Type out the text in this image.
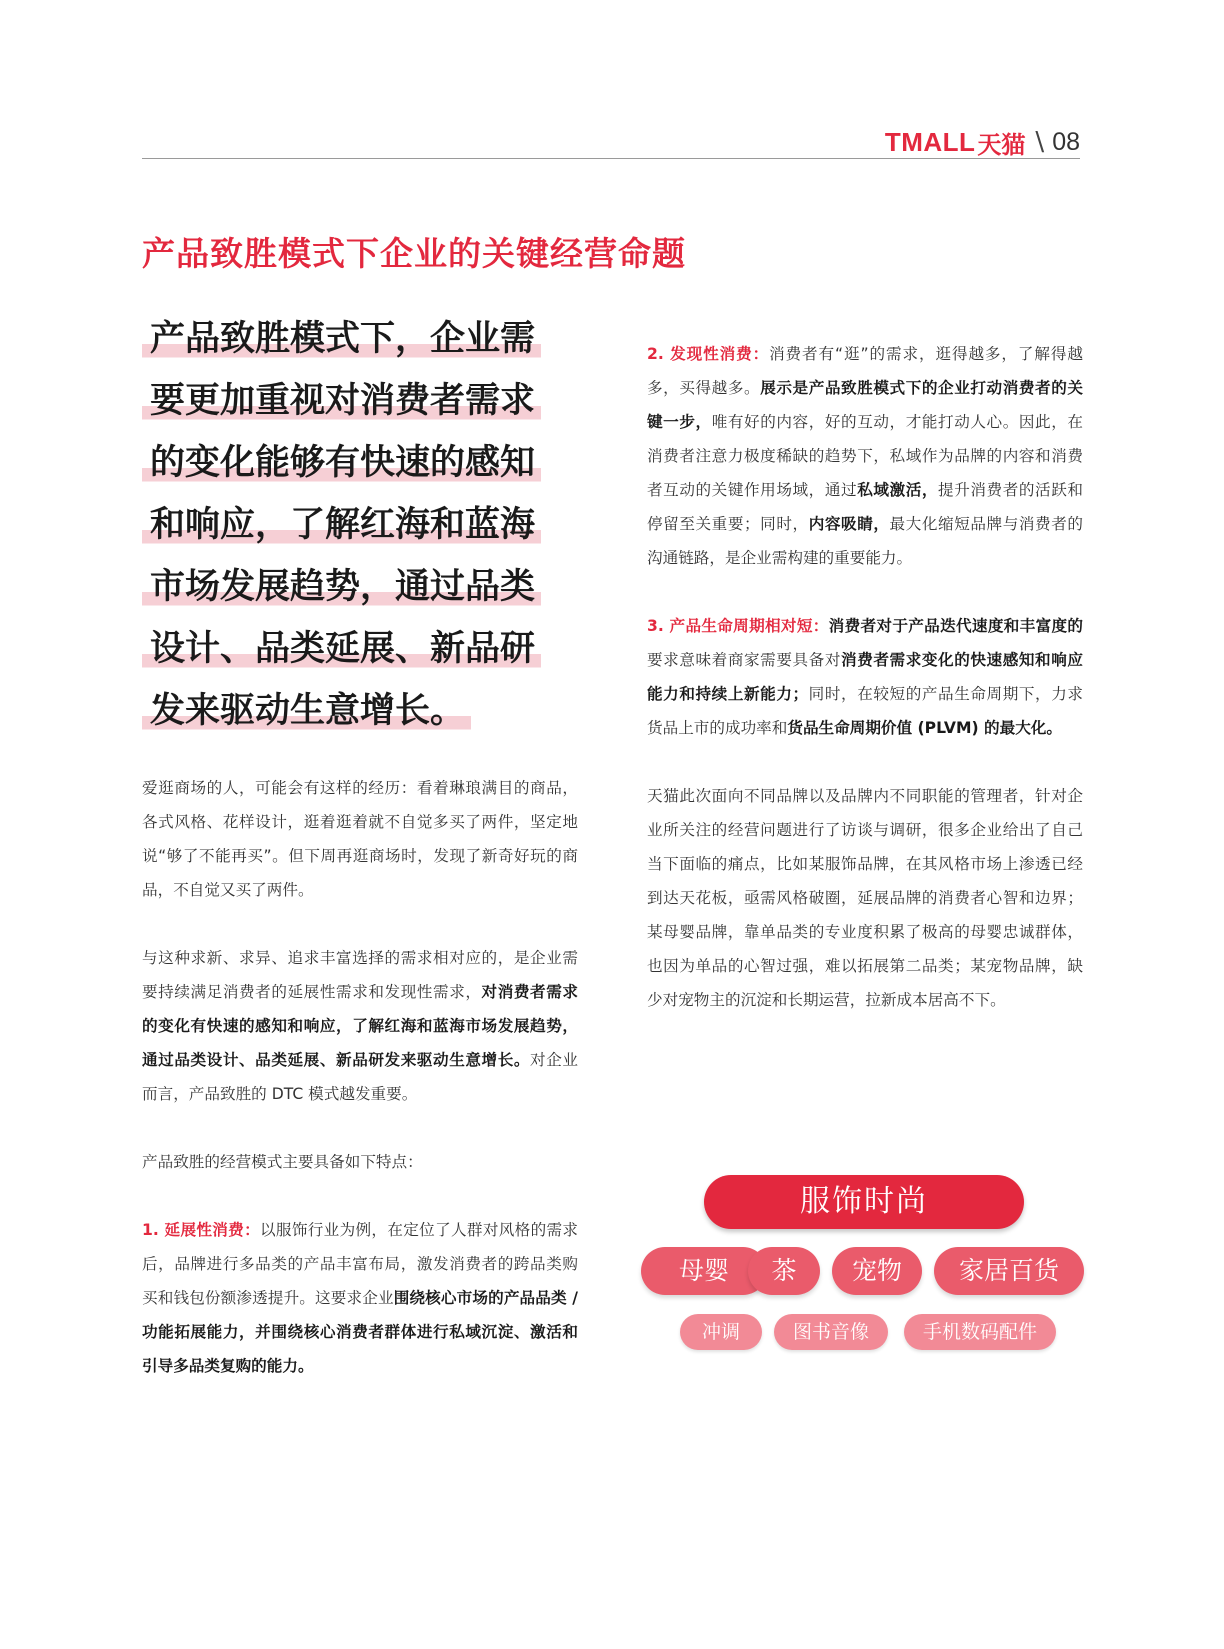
TMALL 天猫 \ 08
产品致胜模式下企业的关键经营命题

产品致胜模式下，企业需
要更加重视对消费者需求
的变化能够有快速的感知
和响应，了解红海和蓝海
市场发展趋势，通过品类
设计、品类延展、新品研
发来驱动生意增长。

爱逛商场的人，可能会有这样的经历：看着琳琅满目的商品，各式风格、花样设计，逛着逛着就不自觉多买了两件，坚定地说“够了不能再买”。但下周再逛商场时，发现了新奇好玩的商品，不自觉又买了两件。

与这种求新、求异、追求丰富选择的需求相对应的，是企业需要持续满足消费者的延展性需求和发现性需求，对消费者需求的变化有快速的感知和响应，了解红海和蓝海市场发展趋势，通过品类设计、品类延展、新品研发来驱动生意增长。对企业而言，产品致胜的 DTC 模式越发重要。

产品致胜的经营模式主要具备如下特点：

1. 延展性消费：以服饰行业为例，在定位了人群对风格的需求后，品牌进行多品类的产品丰富布局，激发消费者的跨品类购买和钱包份额渗透提升。这要求企业围绕核心市场的产品品类 / 功能拓展能力，并围绕核心消费者群体进行私域沉淀、激活和引导多品类复购的能力。

2. 发现性消费：消费者有“逛”的需求，逛得越多，了解得越多，买得越多。展示是产品致胜模式下的企业打动消费者的关键一步，唯有好的内容，好的互动，才能打动人心。因此，在消费者注意力极度稀缺的趋势下，私域作为品牌的内容和消费者互动的关键作用场域，通过私域激活，提升消费者的活跃和停留至关重要；同时，内容吸睛，最大化缩短品牌与消费者的沟通链路，是企业需构建的重要能力。

3. 产品生命周期相对短：消费者对于产品迭代速度和丰富度的要求意味着商家需要具备对消费者需求变化的快速感知和响应能力和持续上新能力；同时，在较短的产品生命周期下，力求货品上市的成功率和货品生命周期价值 (PLVM) 的最大化。

天猫此次面向不同品牌以及品牌内不同职能的管理者，针对企业所关注的经营问题进行了访谈与调研，很多企业给出了自己当下面临的痛点，比如某服饰品牌，在其风格市场上渗透已经到达天花板，亟需风格破圈，延展品牌的消费者心智和边界；某母婴品牌，靠单品类的专业度积累了极高的母婴忠诚群体，也因为单品的心智过强，难以拓展第二品类；某宠物品牌，缺少对宠物主的沉淀和长期运营，拉新成本居高不下。

服饰时尚
母婴	茶	宠物	家居百货
冲调	图书音像	手机数码配件
